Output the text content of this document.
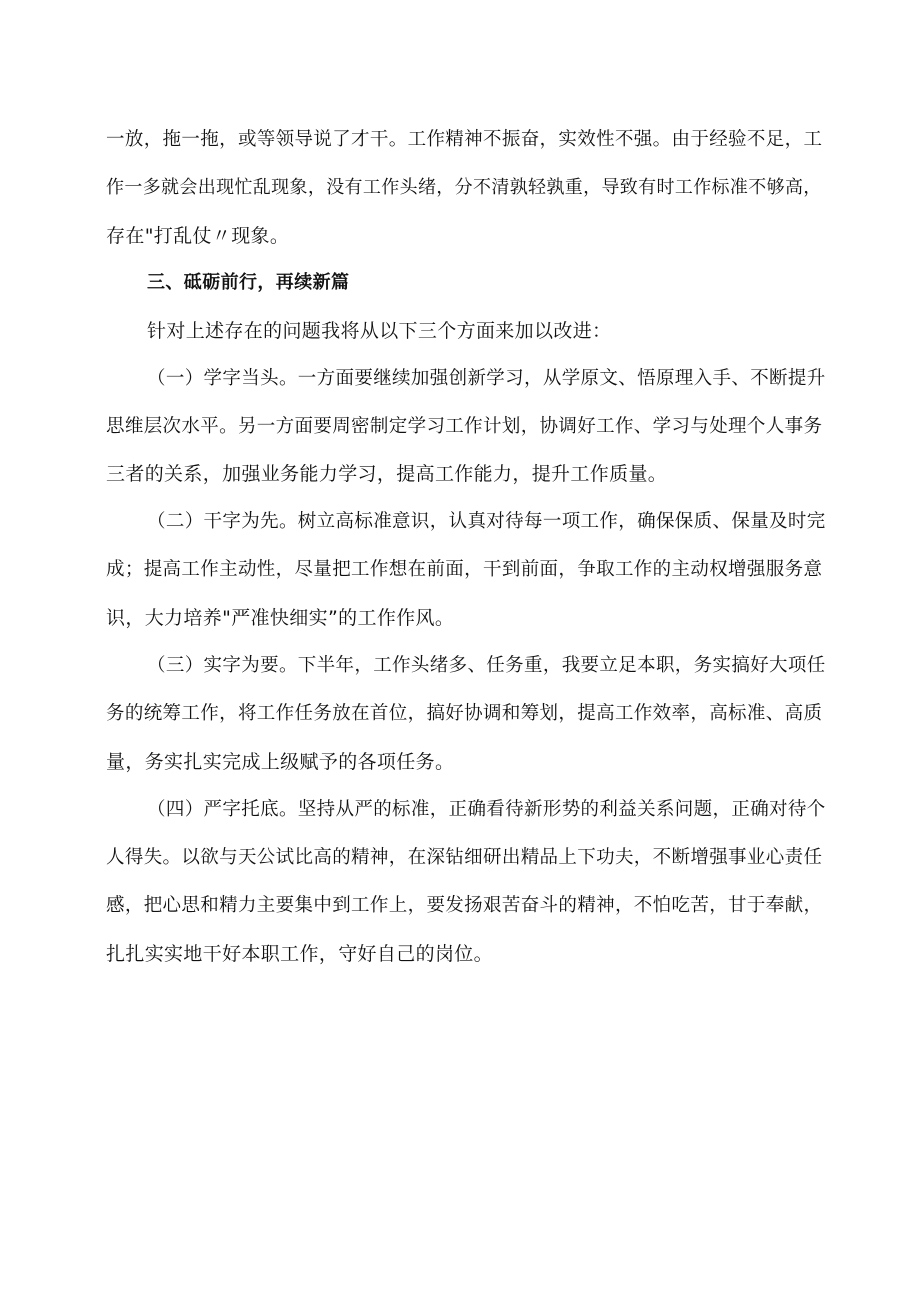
一放，拖一拖，或等领导说了才干。工作精神不振奋，实效性不强。由于经验不足，工
作一多就会出现忙乱现象，没有工作头绪，分不清孰轻孰重，导致有时工作标准不够高，
存在"打乱仗〃现象。
三、砥砺前行，再续新篇
针对上述存在的问题我将从以下三个方面来加以改进：
（一）学字当头。一方面要继续加强创新学习，从学原文、悟原理入手、不断提升
思维层次水平。另一方面要周密制定学习工作计划，协调好工作、学习与处理个人事务
三者的关系，加强业务能力学习，提高工作能力，提升工作质量。
（二）干字为先。树立高标准意识，认真对待每一项工作，确保保质、保量及时完
成；提高工作主动性，尽量把工作想在前面，干到前面，争取工作的主动权增强服务意
识，大力培养"严准快细实”的工作作风。
（三）实字为要。下半年，工作头绪多、任务重，我要立足本职，务实搞好大项任
务的统筹工作，将工作任务放在首位，搞好协调和筹划，提高工作效率，高标准、高质
量，务实扎实完成上级赋予的各项任务。
（四）严字托底。坚持从严的标准，正确看待新形势的利益关系问题，正确对待个
人得失。以欲与天公试比高的精神，在深钻细研出精品上下功夫，不断增强事业心责任
感，把心思和精力主要集中到工作上，要发扬艰苦奋斗的精神，不怕吃苦，甘于奉献，
扎扎实实地干好本职工作，守好自己的岗位。
